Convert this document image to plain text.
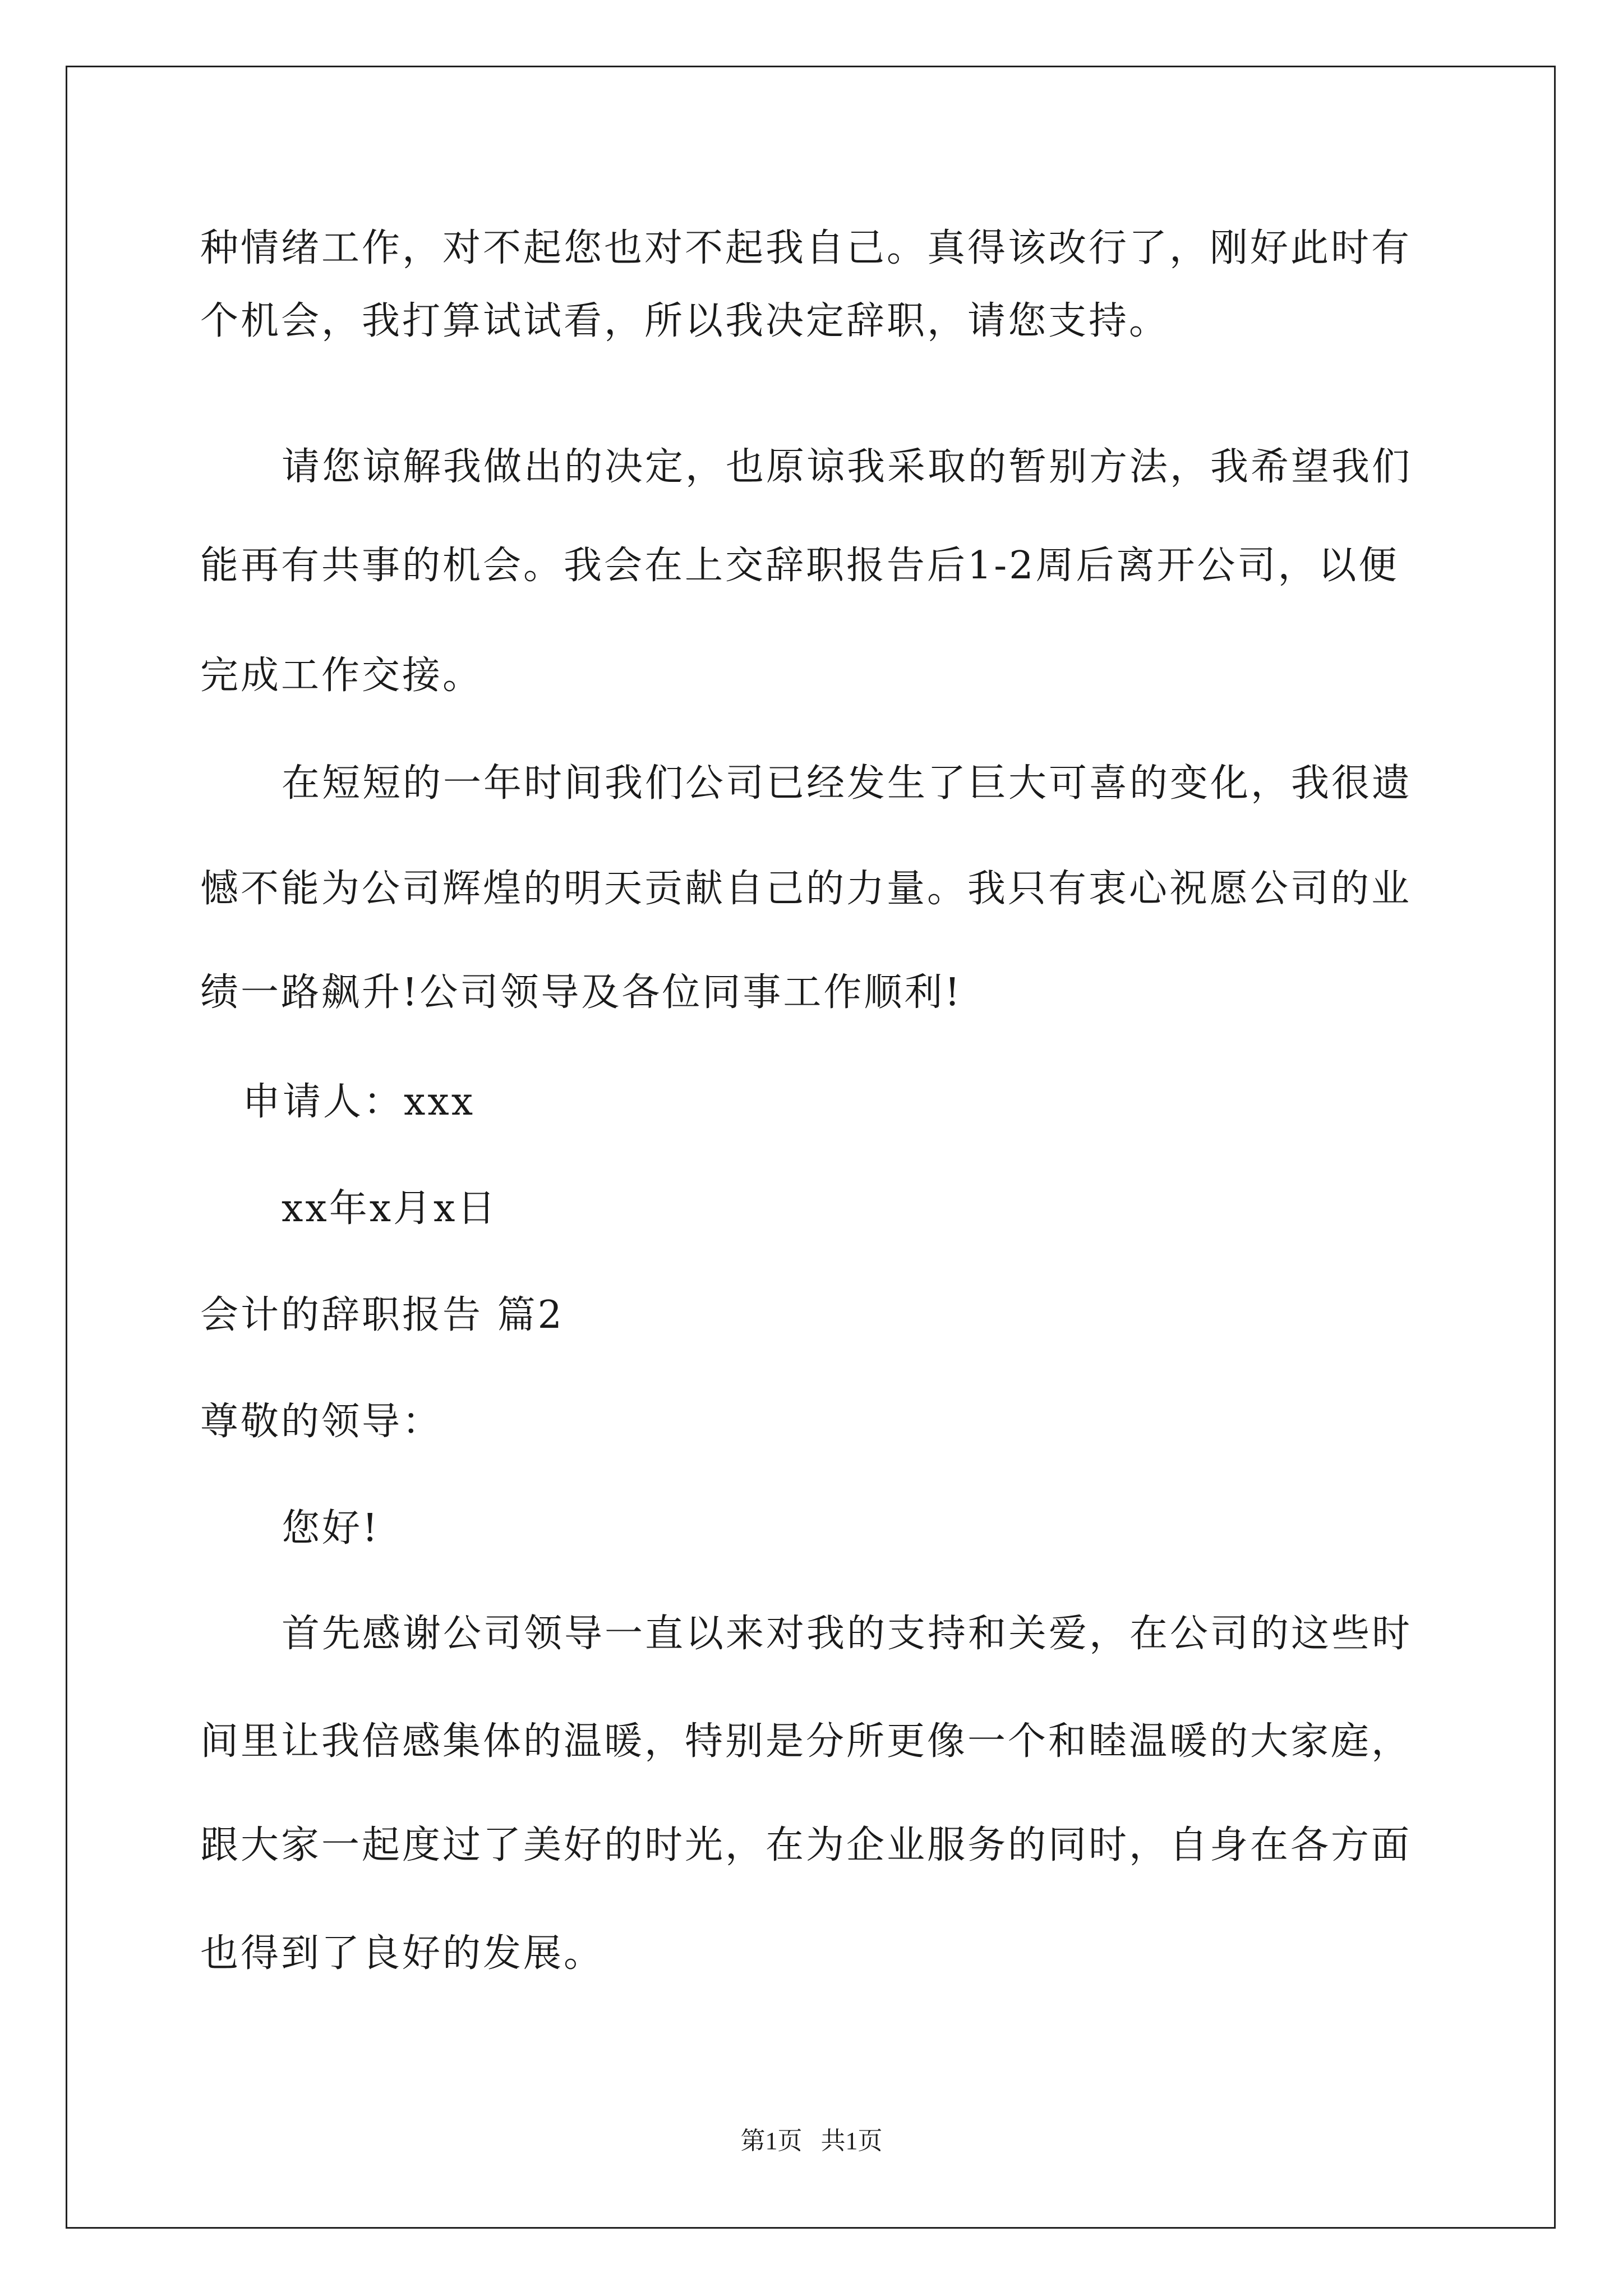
种情绪工作，对不起您也对不起我自己。真得该改行了，刚好此时有
个机会，我打算试试看，所以我决定辞职，请您支持。
请您谅解我做出的决定，也原谅我采取的暂别方法，我希望我们
能再有共事的机会。我会在上交辞职报告后1-2周后离开公司，以便
完成工作交接。
在短短的一年时间我们公司已经发生了巨大可喜的变化，我很遗
憾不能为公司辉煌的明天贡献自己的力量。我只有衷心祝愿公司的业
绩一路飙升!公司领导及各位同事工作顺利!
申请人：xxx
xx年x月x日
会计的辞职报告 篇2
尊敬的领导：
您好!
首先感谢公司领导一直以来对我的支持和关爱，在公司的这些时
间里让我倍感集体的温暖，特别是分所更像一个和睦温暖的大家庭，
跟大家一起度过了美好的时光，在为企业服务的同时，自身在各方面
也得到了良好的发展。
第1页 共1页
